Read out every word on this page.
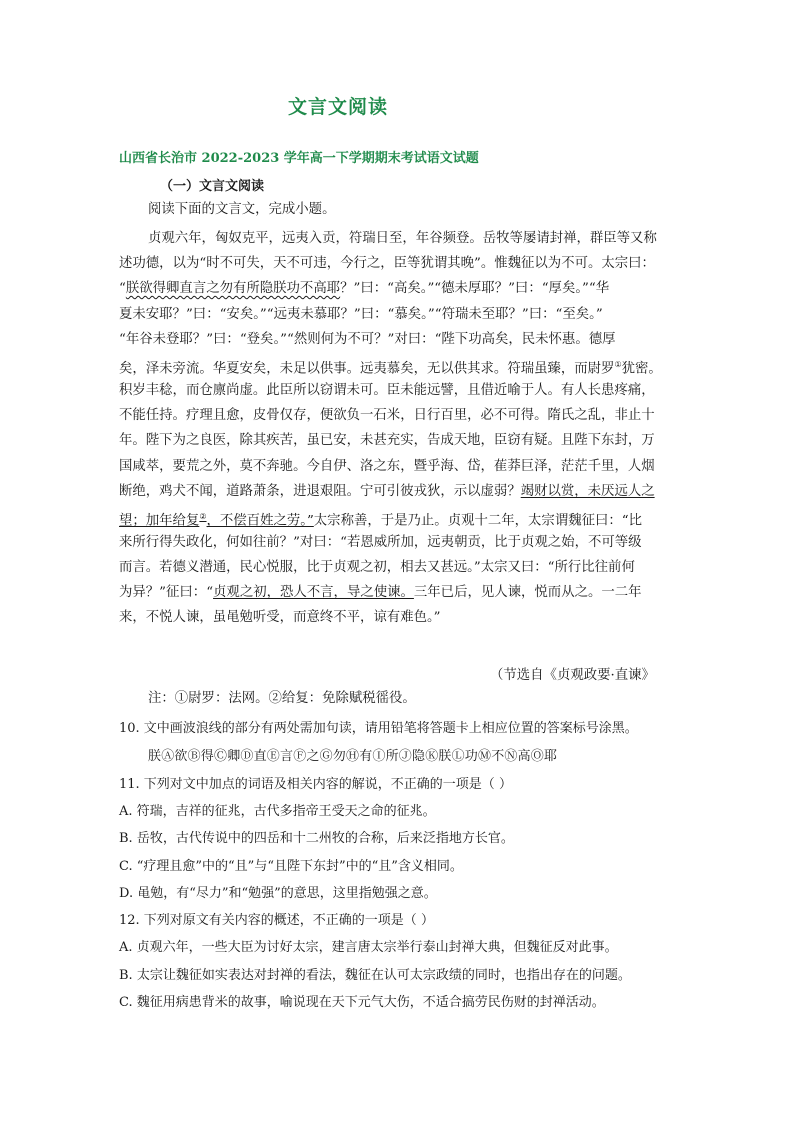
文言文阅读
山西省长治市 2022-2023 学年高一下学期期末考试语文试题
（一）文言文阅读
阅读下面的文言文，完成小题。
贞观六年，匈奴克平，远夷入贡，符瑞日至，年谷频登。岳牧等屡请封禅，群臣等又称
述功德，以为“时不可失，天不可违，今行之，臣等犹谓其晚”。惟魏征以为不可。太宗曰：
“朕欲得卿直言之勿有所隐朕功不高耶？”曰：“高矣。”“德未厚耶？”曰：“厚矣。”“华
夏未安耶？”曰：“安矣。”“远夷未慕耶？”曰：“慕矣。”“符瑞未至耶？”曰：“至矣。”
“年谷未登耶？”曰：“登矣。”“然则何为不可？”对曰：“陛下功高矣，民未怀惠。德厚
矣，泽未旁流。华夏安矣，未足以供事。远夷慕矣，无以供其求。符瑞虽臻，而尉罗①犹密。
积岁丰稔，而仓廪尚虚。此臣所以窃谓未可。臣未能远譬，且借近喻于人。有人长患疼痛，
不能任持。疗理且愈，皮骨仅存，便欲负一石米，日行百里，必不可得。隋氏之乱，非止十
年。陛下为之良医，除其疾苦，虽已安，未甚充实，告成天地，臣窃有疑。且陛下东封，万
国咸萃，要荒之外，莫不奔驰。今自伊、洛之东，暨乎海、岱，萑莽巨泽，茫茫千里，人烟
断绝，鸡犬不闻，道路萧条，进退艰阻。宁可引彼戎狄，示以虚弱？竭财以赏，未厌远人之
望；加年给复②，不偿百姓之劳。”太宗称善，于是乃止。贞观十二年，太宗谓魏征曰：“比
来所行得失政化，何如往前？”对曰：“若恩威所加，远夷朝贡，比于贞观之始，不可等级
而言。若德义潜通，民心悦服，比于贞观之初，相去又甚远。”太宗又曰：“所行比往前何
为异？”征曰：“贞观之初，恐人不言，导之使谏。三年已后，见人谏，悦而从之。一二年
来，不悦人谏，虽黾勉听受，而意终不平，谅有难色。”
（节选自《贞观政要·直谏》
注：①尉罗：法网。②给复：免除赋税徭役。
10. 文中画波浪线的部分有两处需加句读，请用铅笔将答题卡上相应位置的答案标号涂黑。
朕Ⓐ欲Ⓑ得Ⓒ卿Ⓓ直Ⓔ言Ⓕ之Ⓖ勿Ⓗ有Ⓘ所Ⓙ隐Ⓚ朕Ⓛ功Ⓜ不Ⓝ高Ⓞ耶
11. 下列对文中加点的词语及相关内容的解说，不正确的一项是（ ）
A. 符瑞，吉祥的征兆，古代多指帝王受天之命的征兆。
B. 岳牧，古代传说中的四岳和十二州牧的合称，后来泛指地方长官。
C. “疗理且愈”中的“且”与“且陛下东封”中的“且”含义相同。
D. 黾勉，有“尽力”和“勉强”的意思，这里指勉强之意。
12. 下列对原文有关内容的概述，不正确的一项是（ ）
A. 贞观六年，一些大臣为讨好太宗，建言唐太宗举行泰山封禅大典，但魏征反对此事。
B. 太宗让魏征如实表达对封禅的看法，魏征在认可太宗政绩的同时，也指出存在的问题。
C. 魏征用病患背米的故事，喻说现在天下元气大伤，不适合搞劳民伤财的封禅活动。
